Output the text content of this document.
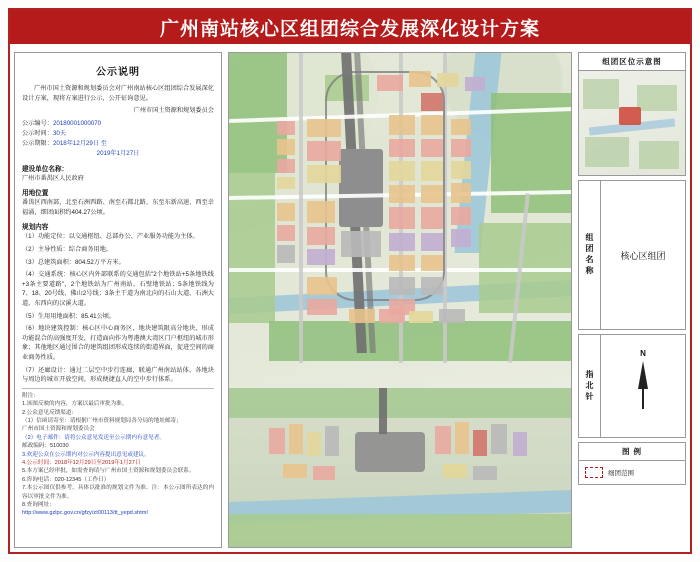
广州南站核心区组团综合发展深化设计方案
公示说明

广州市国土资源和规划委员会对广州南站核心区组团综合发展深化设计方案，现将方案进行公示，公开征询意见。

广州市国土资源和规划委员会

公示编号：20180001000070

公示时间：30天

公示期限：2018年12月29日 至

2019年1月27日

建设单位名称：

广州市番禺区人民政府

用地位置

番禺区西南部，北至石洲西路、南至石都北路、东至东新高速、西至幸福涌，细团面积约404.27公顷。

规划内容

（1）功能定位：以交通枢纽、总部办公、产业服务功能为主体。

（2）主导性质：综合商务用地。

（3）总建筑面积：804.52万平方米。

（4）交通系统：核心区内外部联系的交通包括"2个地铁站+5条地铁线+3条主要道路"，2个地铁站为广州南站、石壁地铁站；5条地铁线为7、18、20号线、佛山2号线；3条主干道为南北向的石山大道、石洲大道，东西向的汉溪大道。

（5）生用用地面积：85.41公顷。

（6）地块建筑控制：核心区中心商务区，地块建筑限高分地块，形成功能混合的高强度开发，打造面向作为粤港澳大湾区门户枢纽的城市形象；其他地区通过围合的建筑组团形成连续的街道界面，促进空间的商业商务性质。

（7）还廊设计：通过二层空中步行连廊，联通广州南站站体、各地块与周边的城市开放空间，形成便捷直人的空中步行体系。

附注：

1.该图反映的内容，方案以最后审批为准。

2.公众意见反馈渠道：

（1）信函请寄至：请根据广州市资料规划局各分局的地址邮寄；

广州市国土资源和规划委员会

（2）电子邮件：请将公众意见发送至公示期内有意见者。

邮政编码：510030

3.欢迎公众在公示期内对公示内容提出意见或建议。

4.公示时间：2018年12月29日至2019年1月27日

5.本方案已经审批，如需查询请与广州市国土资源和规划委员会联系。

6.咨询电话：020-12345（工作日）

7.本公示图仅供参考，具体以批准的规划文件为准。注：本公示图所表达的内容以审批文件为准。

8.查询网址：

http://www.gzlpc.gov.cn/gfzy/zt00113/tt_yepd.shtml

组团区位示意图
组团名称	核心区组团
指北针
N
图 例
细团范围
